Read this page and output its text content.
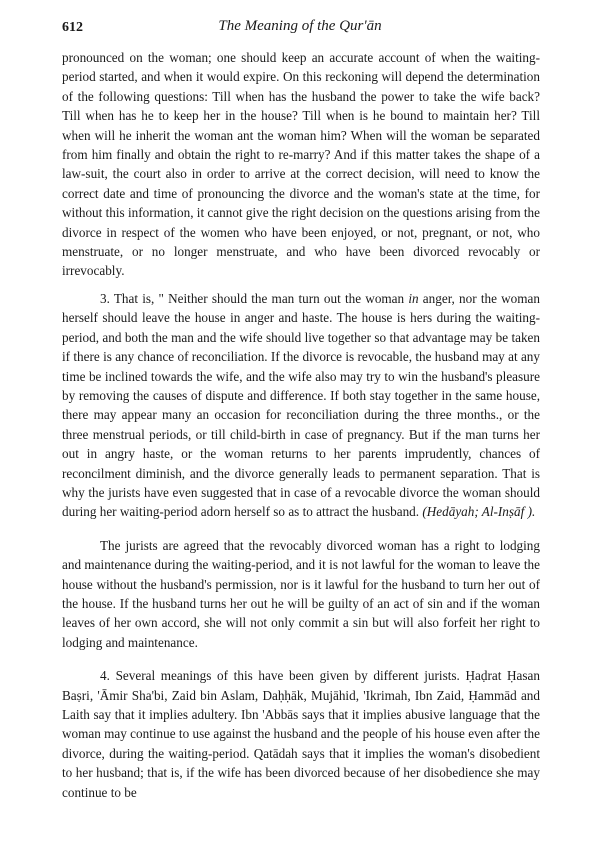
612	The Meaning of the Qur'ān

pronounced on the woman; one should keep an accurate account of when the waiting-period started, and when it would expire. On this reckoning will depend the determination of the following questions: Till when has the husband the power to take the wife back? Till when has he to keep her in the house? Till when is he bound to maintain her? Till when will he inherit the woman ant the woman him? When will the woman be separated from him finally and obtain the right to re-marry? And if this matter takes the shape of a law-suit, the court also in order to arrive at the correct decision, will need to know the correct date and time of pronouncing the divorce and the woman's state at the time, for without this information, it cannot give the right decision on the questions arising from the divorce in respect of the women who have been enjoyed, or not, pregnant, or not, who menstruate, or no longer menstruate, and who have been divorced revocably or irrevocably.

3. That is, " Neither should the man turn out the woman in anger, nor the woman herself should leave the house in anger and haste. The house is hers during the waiting-period, and both the man and the wife should live together so that advantage may be taken if there is any chance of reconciliation. If the divorce is revocable, the husband may at any time be inclined towards the wife, and the wife also may try to win the husband's pleasure by removing the causes of dispute and difference. If both stay together in the same house, there may appear many an occasion for reconciliation during the three months., or the three menstrual periods, or till child-birth in case of pregnancy. But if the man turns her out in angry haste, or the woman returns to her parents imprudently, chances of reconcilment diminish, and the divorce generally leads to permanent separation. That is why the jurists have even suggested that in case of a revocable divorce the woman should during her waiting-period adorn herself so as to attract the husband. (Hedāyah; Al-Inṣāf ).

The jurists are agreed that the revocably divorced woman has a right to lodging and maintenance during the waiting-period, and it is not lawful for the woman to leave the house without the husband's permission, nor is it lawful for the husband to turn her out of the house. If the husband turns her out he will be guilty of an act of sin and if the woman leaves of her own accord, she will not only commit a sin but will also forfeit her right to lodging and maintenance.

4. Several meanings of this have been given by different jurists. Ḥaḍrat Ḥasan Baṣri, 'Āmir Sha'bi, Zaid bin Aslam, Daḥḥāk, Mujāhid, 'Ikrimah, Ibn Zaid, Ḥammād and Laith say that it implies adultery. Ibn 'Abbās says that it implies abusive language that the woman may continue to use against the husband and the people of his house even after the divorce, during the waiting-period. Qatādah says that it implies the woman's disobedient to her husband; that is, if the wife has been divorced because of her disobedience she may continue to be
